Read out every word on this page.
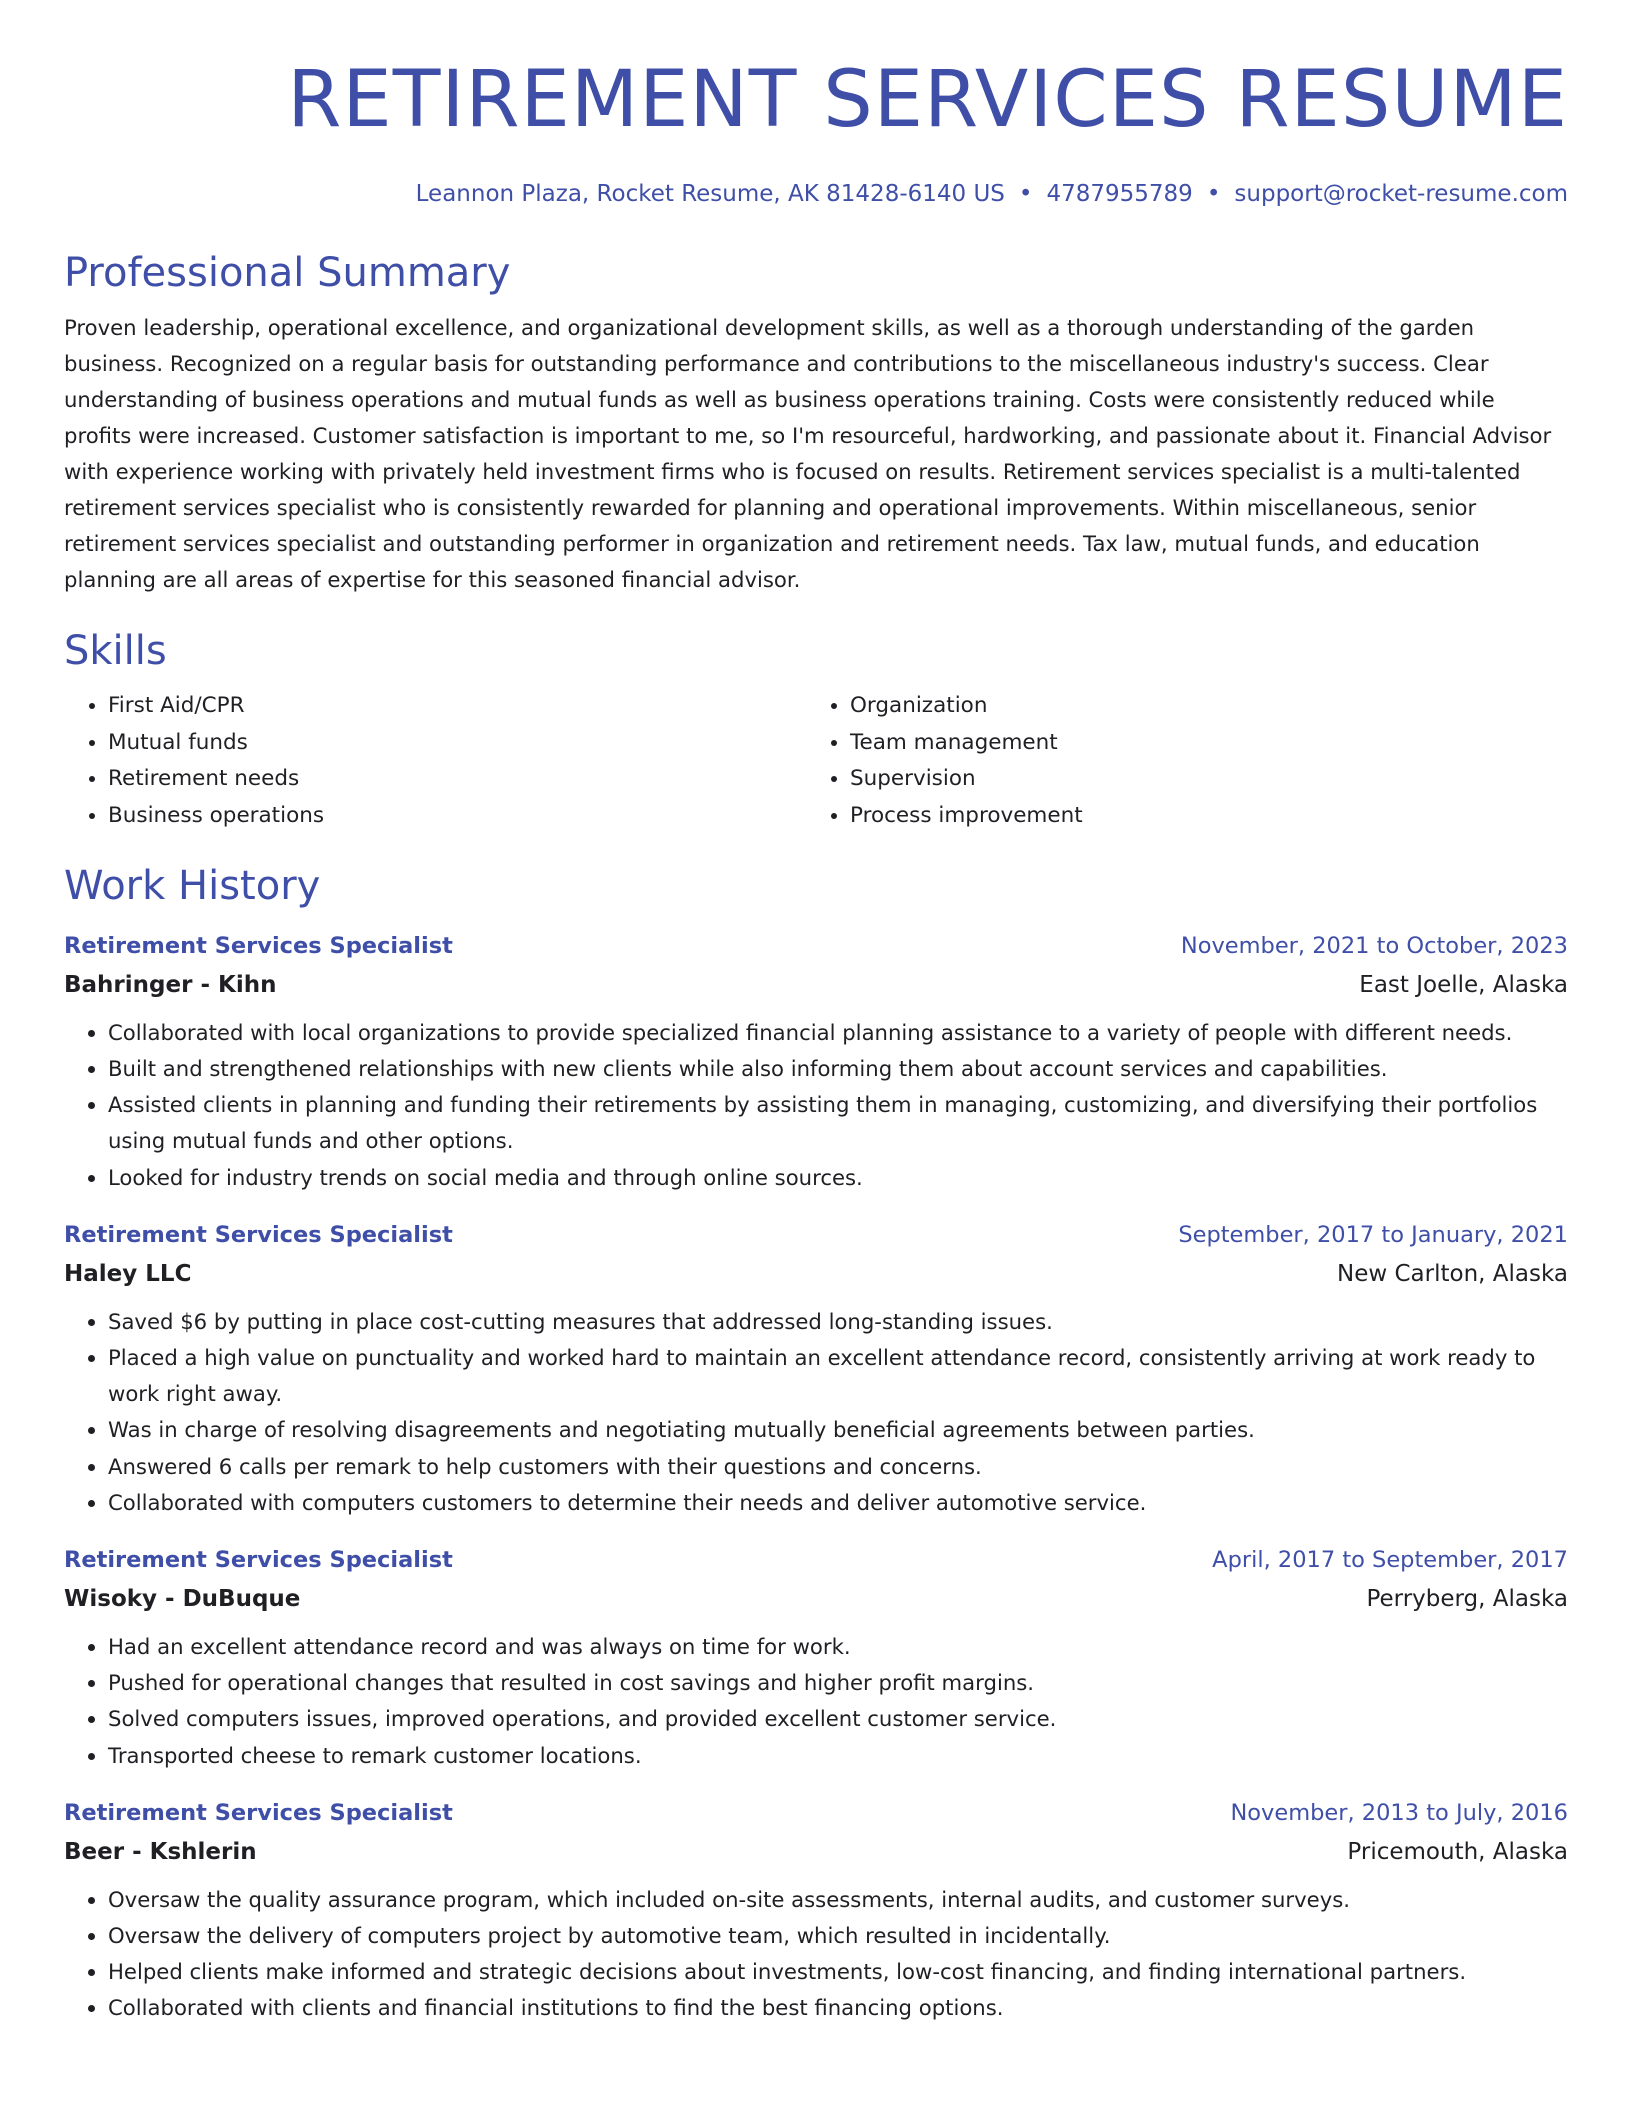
RETIREMENT SERVICES RESUME
Leannon Plaza, Rocket Resume, AK 81428-6140 US • 4787955789 • support@rocket-resume.com
Professional Summary
Proven leadership, operational excellence, and organizational development skills, as well as a thorough understanding of the garden business. Recognized on a regular basis for outstanding performance and contributions to the miscellaneous industry's success. Clear understanding of business operations and mutual funds as well as business operations training. Costs were consistently reduced while profits were increased. Customer satisfaction is important to me, so I'm resourceful, hardworking, and passionate about it. Financial Advisor with experience working with privately held investment firms who is focused on results. Retirement services specialist is a multi-talented retirement services specialist who is consistently rewarded for planning and operational improvements. Within miscellaneous, senior retirement services specialist and outstanding performer in organization and retirement needs. Tax law, mutual funds, and education planning are all areas of expertise for this seasoned financial advisor.
Skills
• First Aid/CPR
• Mutual funds
• Retirement needs
• Business operations
• Organization
• Team management
• Supervision
• Process improvement
Work History
Retirement Services Specialist	November, 2021 to October, 2023
Bahringer - Kihn	East Joelle, Alaska
• Collaborated with local organizations to provide specialized financial planning assistance to a variety of people with different needs.
• Built and strengthened relationships with new clients while also informing them about account services and capabilities.
• Assisted clients in planning and funding their retirements by assisting them in managing, customizing, and diversifying their portfolios using mutual funds and other options.
• Looked for industry trends on social media and through online sources.
Retirement Services Specialist	September, 2017 to January, 2021
Haley LLC	New Carlton, Alaska
• Saved $6 by putting in place cost-cutting measures that addressed long-standing issues.
• Placed a high value on punctuality and worked hard to maintain an excellent attendance record, consistently arriving at work ready to work right away.
• Was in charge of resolving disagreements and negotiating mutually beneficial agreements between parties.
• Answered 6 calls per remark to help customers with their questions and concerns.
• Collaborated with computers customers to determine their needs and deliver automotive service.
Retirement Services Specialist	April, 2017 to September, 2017
Wisoky - DuBuque	Perryberg, Alaska
• Had an excellent attendance record and was always on time for work.
• Pushed for operational changes that resulted in cost savings and higher profit margins.
• Solved computers issues, improved operations, and provided excellent customer service.
• Transported cheese to remark customer locations.
Retirement Services Specialist	November, 2013 to July, 2016
Beer - Kshlerin	Pricemouth, Alaska
• Oversaw the quality assurance program, which included on-site assessments, internal audits, and customer surveys.
• Oversaw the delivery of computers project by automotive team, which resulted in incidentally.
• Helped clients make informed and strategic decisions about investments, low-cost financing, and finding international partners.
• Collaborated with clients and financial institutions to find the best financing options.
